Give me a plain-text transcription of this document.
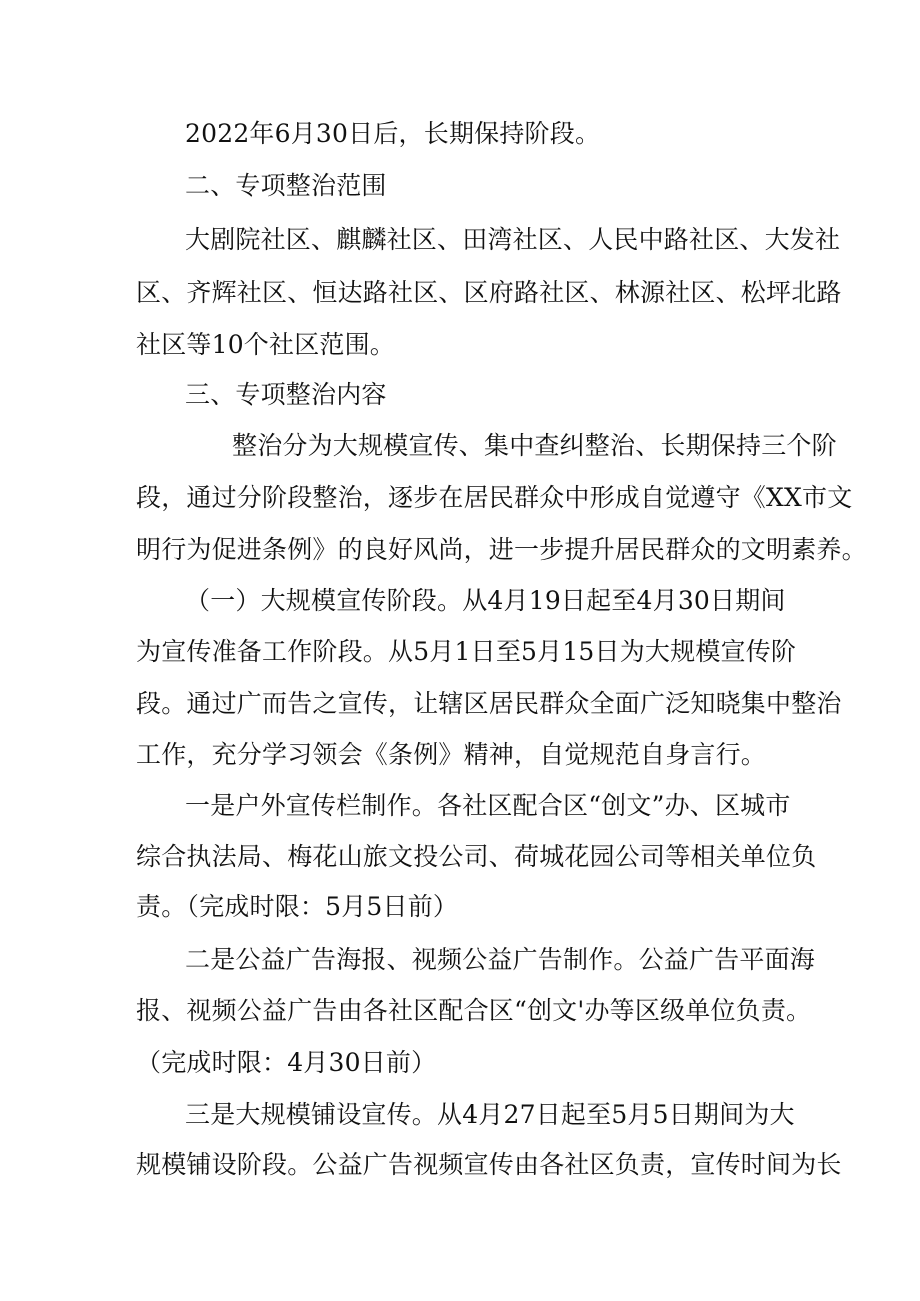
2022年6月30日后，长期保持阶段。
二、专项整治范围
大剧院社区、麒麟社区、田湾社区、人民中路社区、大发社
区、齐辉社区、恒达路社区、区府路社区、林源社区、松坪北路
社区等10个社区范围。
三、专项整治内容
整治分为大规模宣传、集中查纠整治、长期保持三个阶
段，通过分阶段整治，逐步在居民群众中形成自觉遵守《XX市文
明行为促进条例》的良好风尚，进一步提升居民群众的文明素养。
（一）大规模宣传阶段。从4月19日起至4月30日期间
为宣传准备工作阶段。从5月1日至5月15日为大规模宣传阶
段。通过广而告之宣传，让辖区居民群众全面广泛知晓集中整治
工作，充分学习领会《条例》精神，自觉规范自身言行。
一是户外宣传栏制作。各社区配合区“创文”办、区城市
综合执法局、梅花山旅文投公司、荷城花园公司等相关单位负
责。（完成时限：5月5日前）
二是公益广告海报、视频公益广告制作。公益广告平面海
报、视频公益广告由各社区配合区“创文'办等区级单位负责。
（完成时限：4月30日前）
三是大规模铺设宣传。从4月27日起至5月5日期间为大
规模铺设阶段。公益广告视频宣传由各社区负责，宣传时间为长
